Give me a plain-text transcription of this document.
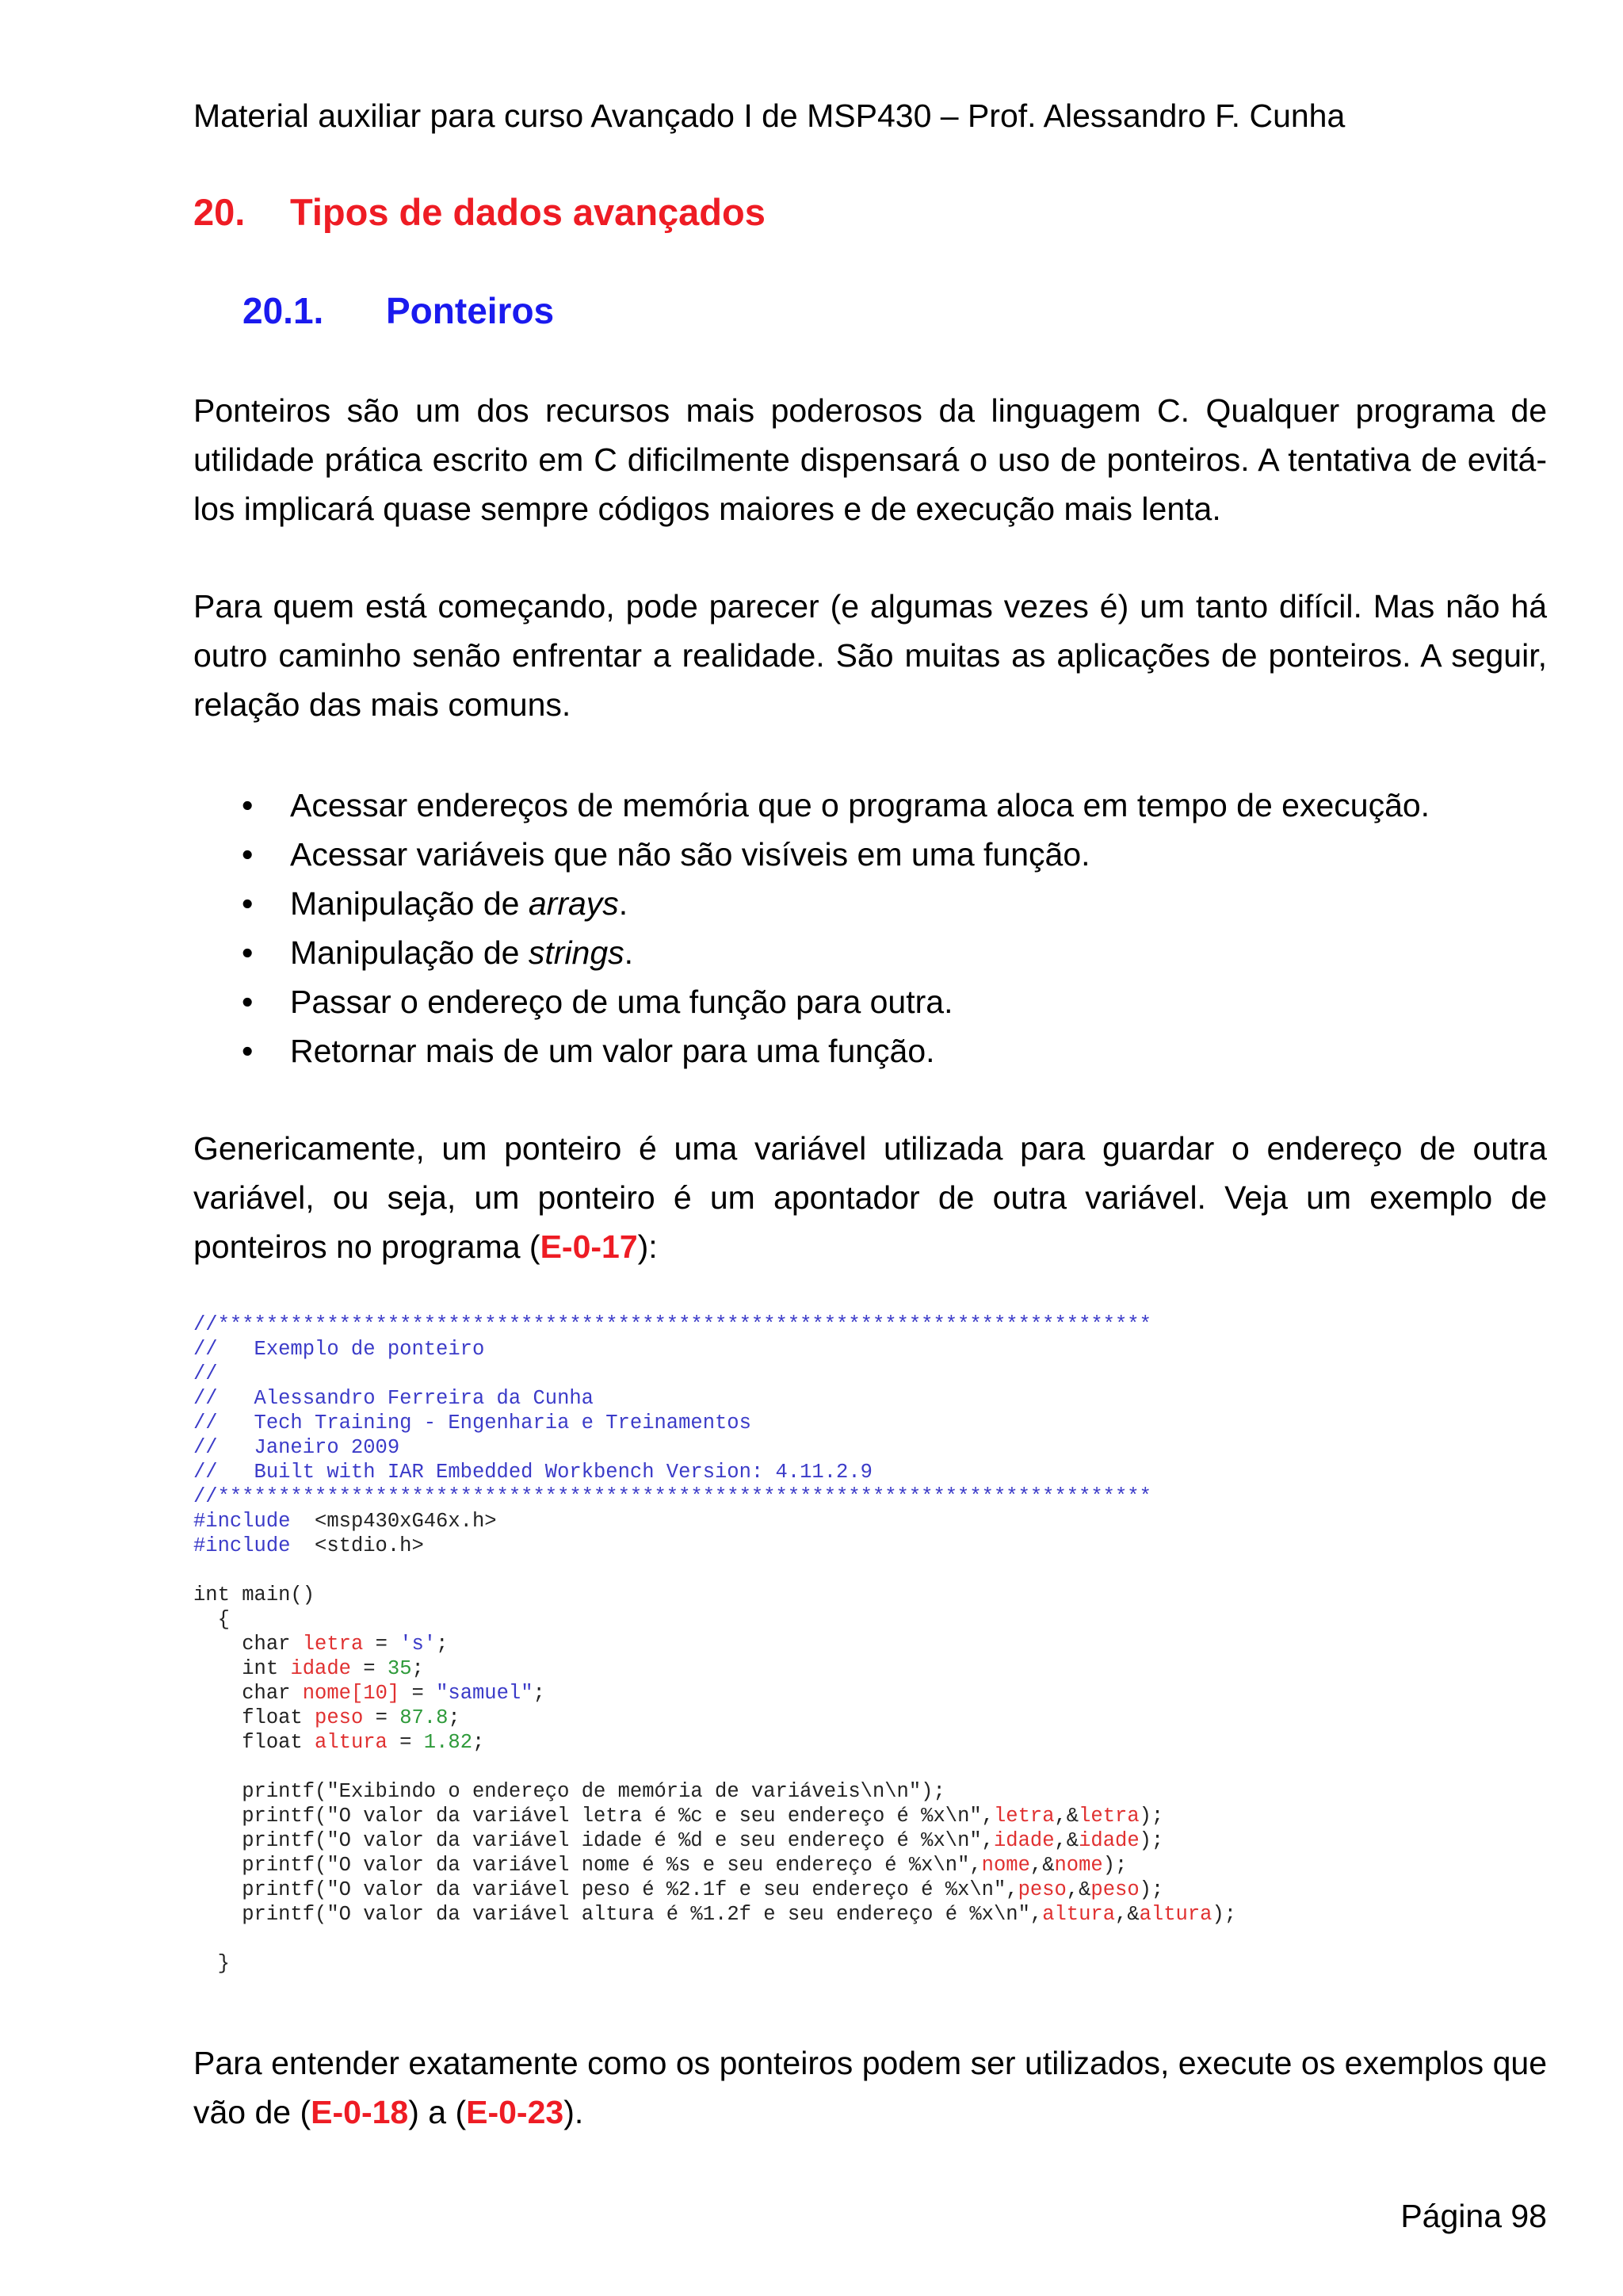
Material auxiliar para curso Avançado I de MSP430 – Prof. Alessandro F. Cunha
20. Tipos de dados avançados
20.1. Ponteiros

Ponteiros são um dos recursos mais poderosos da linguagem C. Qualquer programa de utilidade prática escrito em C dificilmente dispensará o uso de ponteiros. A tentativa de evitá-los implicará quase sempre códigos maiores e de execução mais lenta.

Para quem está começando, pode parecer (e algumas vezes é) um tanto difícil. Mas não há outro caminho senão enfrentar a realidade. São muitas as aplicações de ponteiros. A seguir, relação das mais comuns.

• Acessar endereços de memória que o programa aloca em tempo de execução.
• Acessar variáveis que não são visíveis em uma função.
• Manipulação de arrays.
• Manipulação de strings.
• Passar o endereço de uma função para outra.
• Retornar mais de um valor para uma função.

Genericamente, um ponteiro é uma variável utilizada para guardar o endereço de outra variável, ou seja, um ponteiro é um apontador de outra variável. Veja um exemplo de ponteiros no programa (E-0-17):

//*****************************************************************************
//   Exemplo de ponteiro
//
//   Alessandro Ferreira da Cunha
//   Tech Training - Engenharia e Treinamentos
//   Janeiro 2009
//   Built with IAR Embedded Workbench Version: 4.11.2.9
//*****************************************************************************
#include <msp430xG46x.h>
#include <stdio.h>

int main()
{
char letra = 's';
int idade = 35;
char nome[10] = "samuel";
float peso = 87.8;
float altura = 1.82;

printf("Exibindo o endereço de memória de variáveis\n\n");
printf("O valor da variável letra é %c e seu endereço é %x\n",letra,&letra);
printf("O valor da variável idade é %d e seu endereço é %x\n",idade,&idade);
printf("O valor da variável nome é %s e seu endereço é %x\n",nome,&nome);
printf("O valor da variável peso é %2.1f e seu endereço é %x\n",peso,&peso);
printf("O valor da variável altura é %1.2f e seu endereço é %x\n",altura,&altura);

}

Para entender exatamente como os ponteiros podem ser utilizados, execute os exemplos que vão de (E-0-18) a (E-0-23).

Página 98
